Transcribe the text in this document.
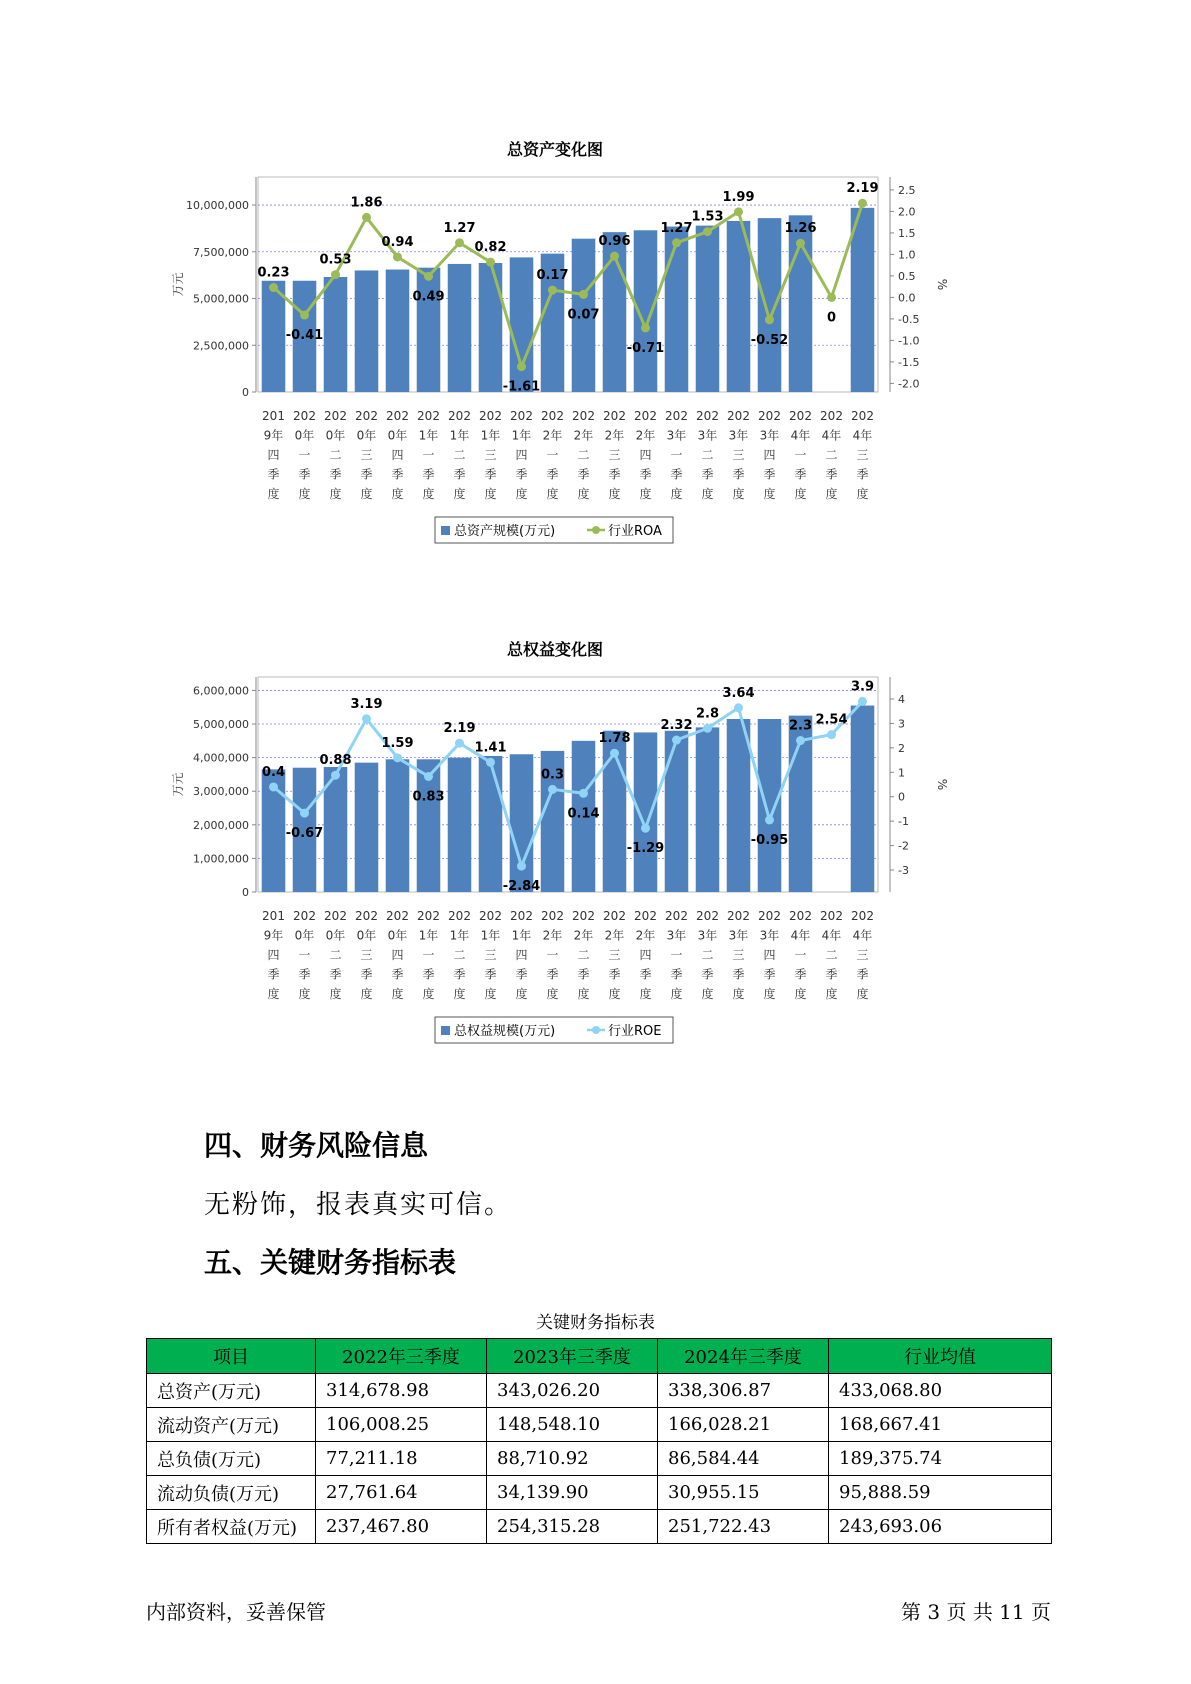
总资产变化图
0
2,500,000
5,000,000
7,500,000
10,000,000
万元
-2.0
-1.5
-1.0
-0.5
0.0
0.5
1.0
1.5
2.0
2.5
%
0.23
-0.41
0.53
1.86
0.94
0.49
1.27
0.82
-1.61
0.17
0.07
0.96
-0.71
1.27
1.53
1.99
-0.52
1.26
0
2.19
201
9年
四
季
度
202
0年
一
季
度
202
0年
二
季
度
202
0年
三
季
度
202
0年
四
季
度
202
1年
一
季
度
202
1年
二
季
度
202
1年
三
季
度
202
1年
四
季
度
202
2年
一
季
度
202
2年
二
季
度
202
2年
三
季
度
202
2年
四
季
度
202
3年
一
季
度
202
3年
二
季
度
202
3年
三
季
度
202
3年
四
季
度
202
4年
一
季
度
202
4年
二
季
度
202
4年
三
季
度
总资产规模(万元)	行业ROA
总权益变化图
0
1,000,000
2,000,000
3,000,000
4,000,000
5,000,000
6,000,000
万元
-3
-2
-1
0
1
2
3
4
%
0.4
-0.67
0.88
3.19
1.59
0.83
2.19
1.41
-2.84
0.3
0.14
1.78
-1.29
2.32
2.8
3.64
-0.95
2.3 2.54
3.9
201
9年
四
季
度
202
0年
一
季
度
202
0年
二
季
度
202
0年
三
季
度
202
0年
四
季
度
202
1年
一
季
度
202
1年
二
季
度
202
1年
三
季
度
202
1年
四
季
度
202
2年
一
季
度
202
2年
二
季
度
202
2年
三
季
度
202
2年
四
季
度
202
3年
一
季
度
202
3年
二
季
度
202
3年
三
季
度
202
3年
四
季
度
202
4年
一
季
度
202
4年
二
季
度
202
4年
三
季
度
总权益规模(万元)	行业ROE
四、财务风险信息
无粉饰，报表真实可信。
五、关键财务指标表
关键财务指标表
项目	2022年三季度	2023年三季度	2024年三季度	行业均值
总资产(万元)	314,678.98	343,026.20	338,306.87	433,068.80
流动资产(万元)	106,008.25	148,548.10	166,028.21	168,667.41
总负债(万元)	77,211.18	88,710.92	86,584.44	189,375.74
流动负债(万元)	27,761.64	34,139.90	30,955.15	95,888.59
所有者权益(万元)	237,467.80	254,315.28	251,722.43	243,693.06
内部资料，妥善保管	第 3 页 共 11 页
